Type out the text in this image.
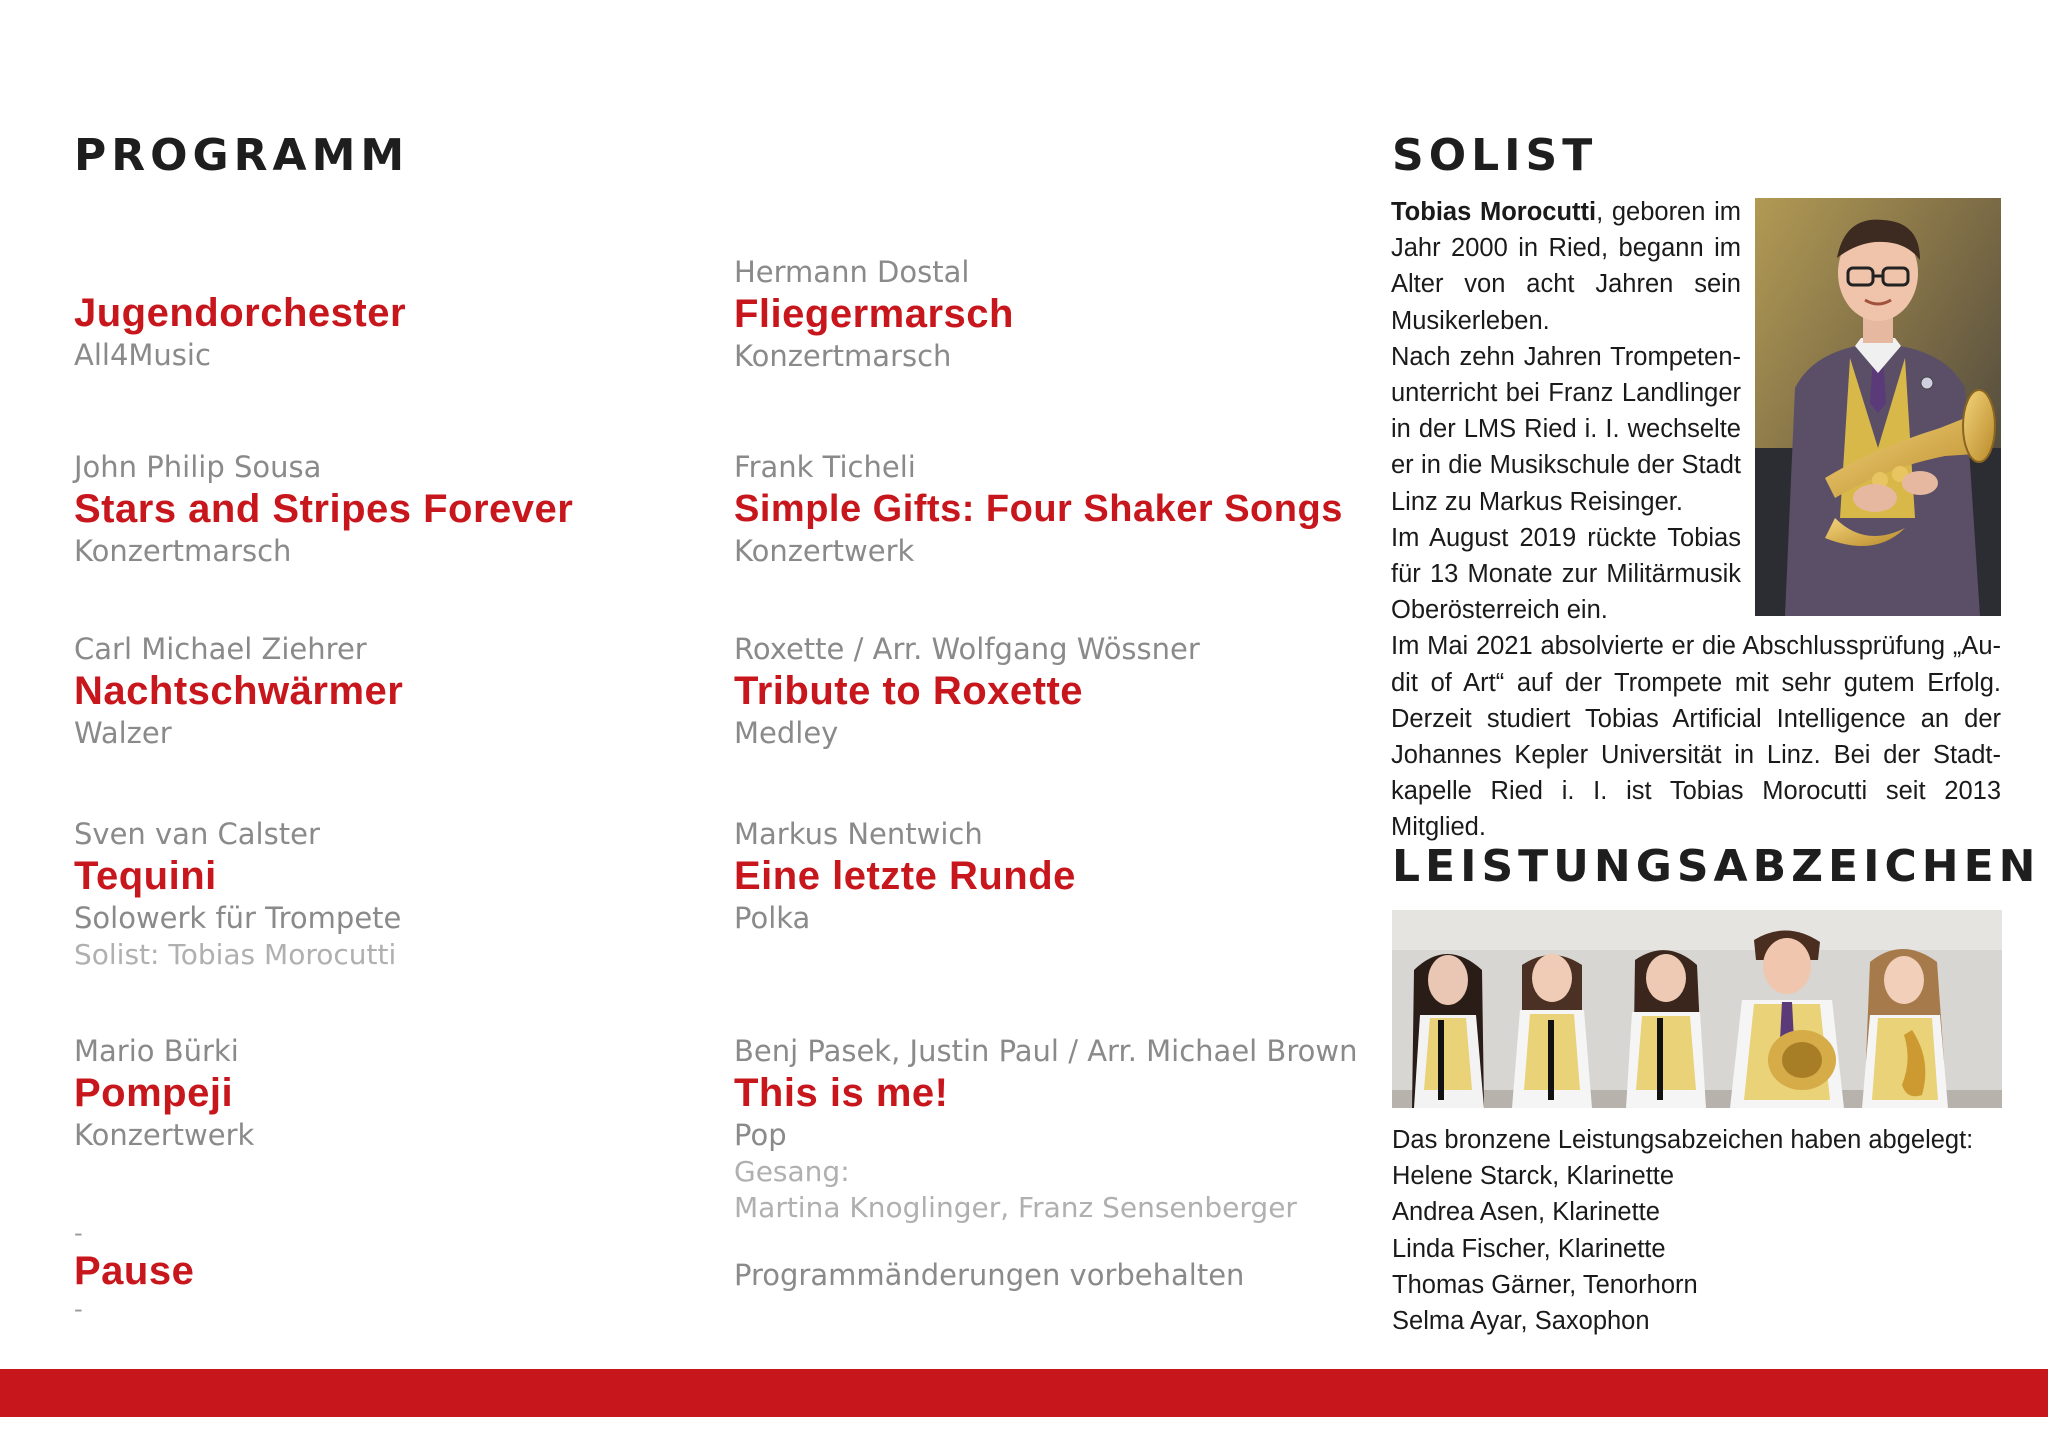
PROGRAMM	SOLIST
LEISTUNGSABZEICHEN
Jugendorchester
All4Music
John Philip Sousa
Stars and Stripes Forever
Konzertmarsch
Carl Michael Ziehrer
Nachtschwärmer
Walzer
Sven van Calster
Tequini
Solowerk für Trompete
Solist: Tobias Morocutti
Mario Bürki
Pompeji
Konzertwerk
-
Pause
-
Hermann Dostal
Fliegermarsch
Konzertmarsch
Frank Ticheli
Simple Gifts: Four Shaker Songs
Konzertwerk
Roxette / Arr. Wolfgang Wössner
Tribute to Roxette
Medley
Markus Nentwich
Eine letzte Runde
Polka
Benj Pasek, Justin Paul / Arr. Michael Brown
This is me!
Pop
Gesang:
Martina Knoglinger, Franz Sensenberger
Programmänderungen vorbehalten
Tobias Morocutti, geboren im Jahr 2000 in Ried, begann im Alter von acht Jahren sein Musikerleben.
Nach zehn Jahren Trompeten-unterricht bei Franz Landlinger in der LMS Ried i. I. wechselte er in die Musikschule der Stadt Linz zu Markus Reisinger.
Im August 2019 rückte Tobias für 13 Monate zur Militärmusik Oberösterreich ein.
Im Mai 2021 absolvierte er die Abschlussprüfung „Au-dit of Art“ auf der Trompete mit sehr gutem Erfolg. Derzeit studiert Tobias Artificial Intelligence an der Johannes Kepler Universität in Linz. Bei der Stadt-kapelle Ried i. I. ist Tobias Morocutti seit 2013 Mitglied.
Das bronzene Leistungsabzeichen haben abgelegt:
Helene Starck, Klarinette
Andrea Asen, Klarinette
Linda Fischer, Klarinette
Thomas Gärner, Tenorhorn
Selma Ayar, Saxophon
